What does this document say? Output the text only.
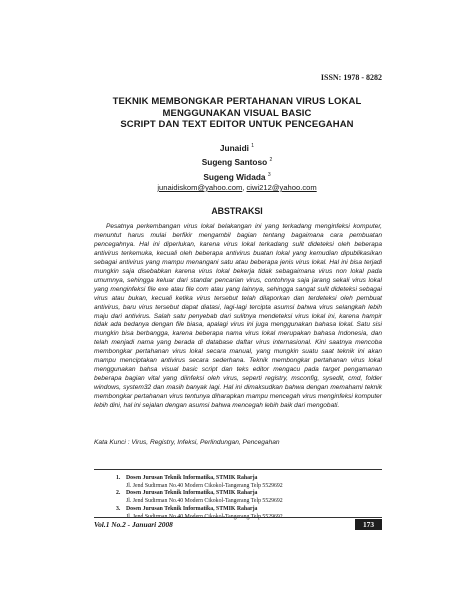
ISSN: 1978 - 8282
TEKNIK MEMBONGKAR PERTAHANAN VIRUS LOKAL
MENGGUNAKAN VISUAL BASIC
SCRIPT DAN TEXT EDITOR UNTUK PENCEGAHAN
Junaidi $^1$
Sugeng Santoso $^2$
Sugeng Widada $^3$
junaidiskom@yahoo.com, ciwi212@yahoo.com
ABSTRAKSI

Pesatnya perkembangan virus lokal belakangan ini yang terkadang menginfeksi komputer, menuntut harus mulai berfikir mengambil bagian tentang bagaimana cara pembuatan pencegahnya. Hal ini diperlukan, karena virus lokal terkadang sulit dideteksi oleh beberapa antivirus terkemuka, kecuali oleh beberapa antivirus buatan lokal yang kemudian dipublikasikan sebagai antivirus yang mampu menangani satu atau beberapa jenis virus lokal. Hal ini bisa terjadi mungkin saja disebabkan karena virus lokal bekerja tidak sebagaimana virus non lokal pada umumnya, sehingga keluar dari standar pencarian virus, contohnya saja jarang sekali virus lokal yang menginfeksi file exe atau file com atau yang lainnya, sehingga sangat sulit dideteksi sebagai virus atau bukan, kecuali ketika virus tersebut telah dilaporkan dan terdeteksi oleh pembuat antivirus, baru virus tersebut dapat diatasi, lagi-lagi tercipta asumsi bahwa virus selangkah lebih maju dari antivirus. Salah satu penyebab dari sulitnya mendeteksi virus lokal ini, karena hampir tidak ada bedanya dengan file biasa, apalagi virus ini juga menggunakan bahasa lokal. Satu sisi mungkin bisa berbangga, karena beberapa nama virus lokal merupakan bahasa Indonesia, dan telah menjadi nama yang berada di database daftar virus internasional. Kini saatnya mencoba membongkar pertahanan virus lokal secara manual, yang mungkin suatu saat teknik ini akan mampu menciptakan antivirus secara sederhana. Teknik membongkar pertahanan virus lokal menggunakan bahsa visual basic script dan teks editor mengacu pada target pengamanan beberapa bagian vital yang diinfeksi oleh virus, seperti registry, msconfig, sysedit, cmd, folder windows, system32 dan masih banyak lagi. Hal ini dimaksudkan bahwa dengan memahami teknik membongkar pertahanan virus tentunya diharapkan mampu mencegah virus menginfeksi komputer lebih dini, hal ini sejalan dengan asumsi bahwa mencegah lebih baik dari mengobati.

Kata Kunci : Virus, Registry, Infeksi, Perlindungan, Pencegahan
1. Dosen Jurusan Teknik Informatika, STMIK Raharja
Jl. Jend Sudirman No.40 Modern Cikokol-Tangerang Telp 5529692
2. Dosen Jurusan Teknik Informatika, STMIK Raharja
Jl. Jend Sudirman No.40 Modern Cikokol-Tangerang Telp 5529692
3. Dosen Jurusan Teknik Informatika, STMIK Raharja
Jl. Jend Sudirman No.40 Modern Cikokol-Tangerang Telp 5529692
Vol.1 No.2 - Januari 2008	173
